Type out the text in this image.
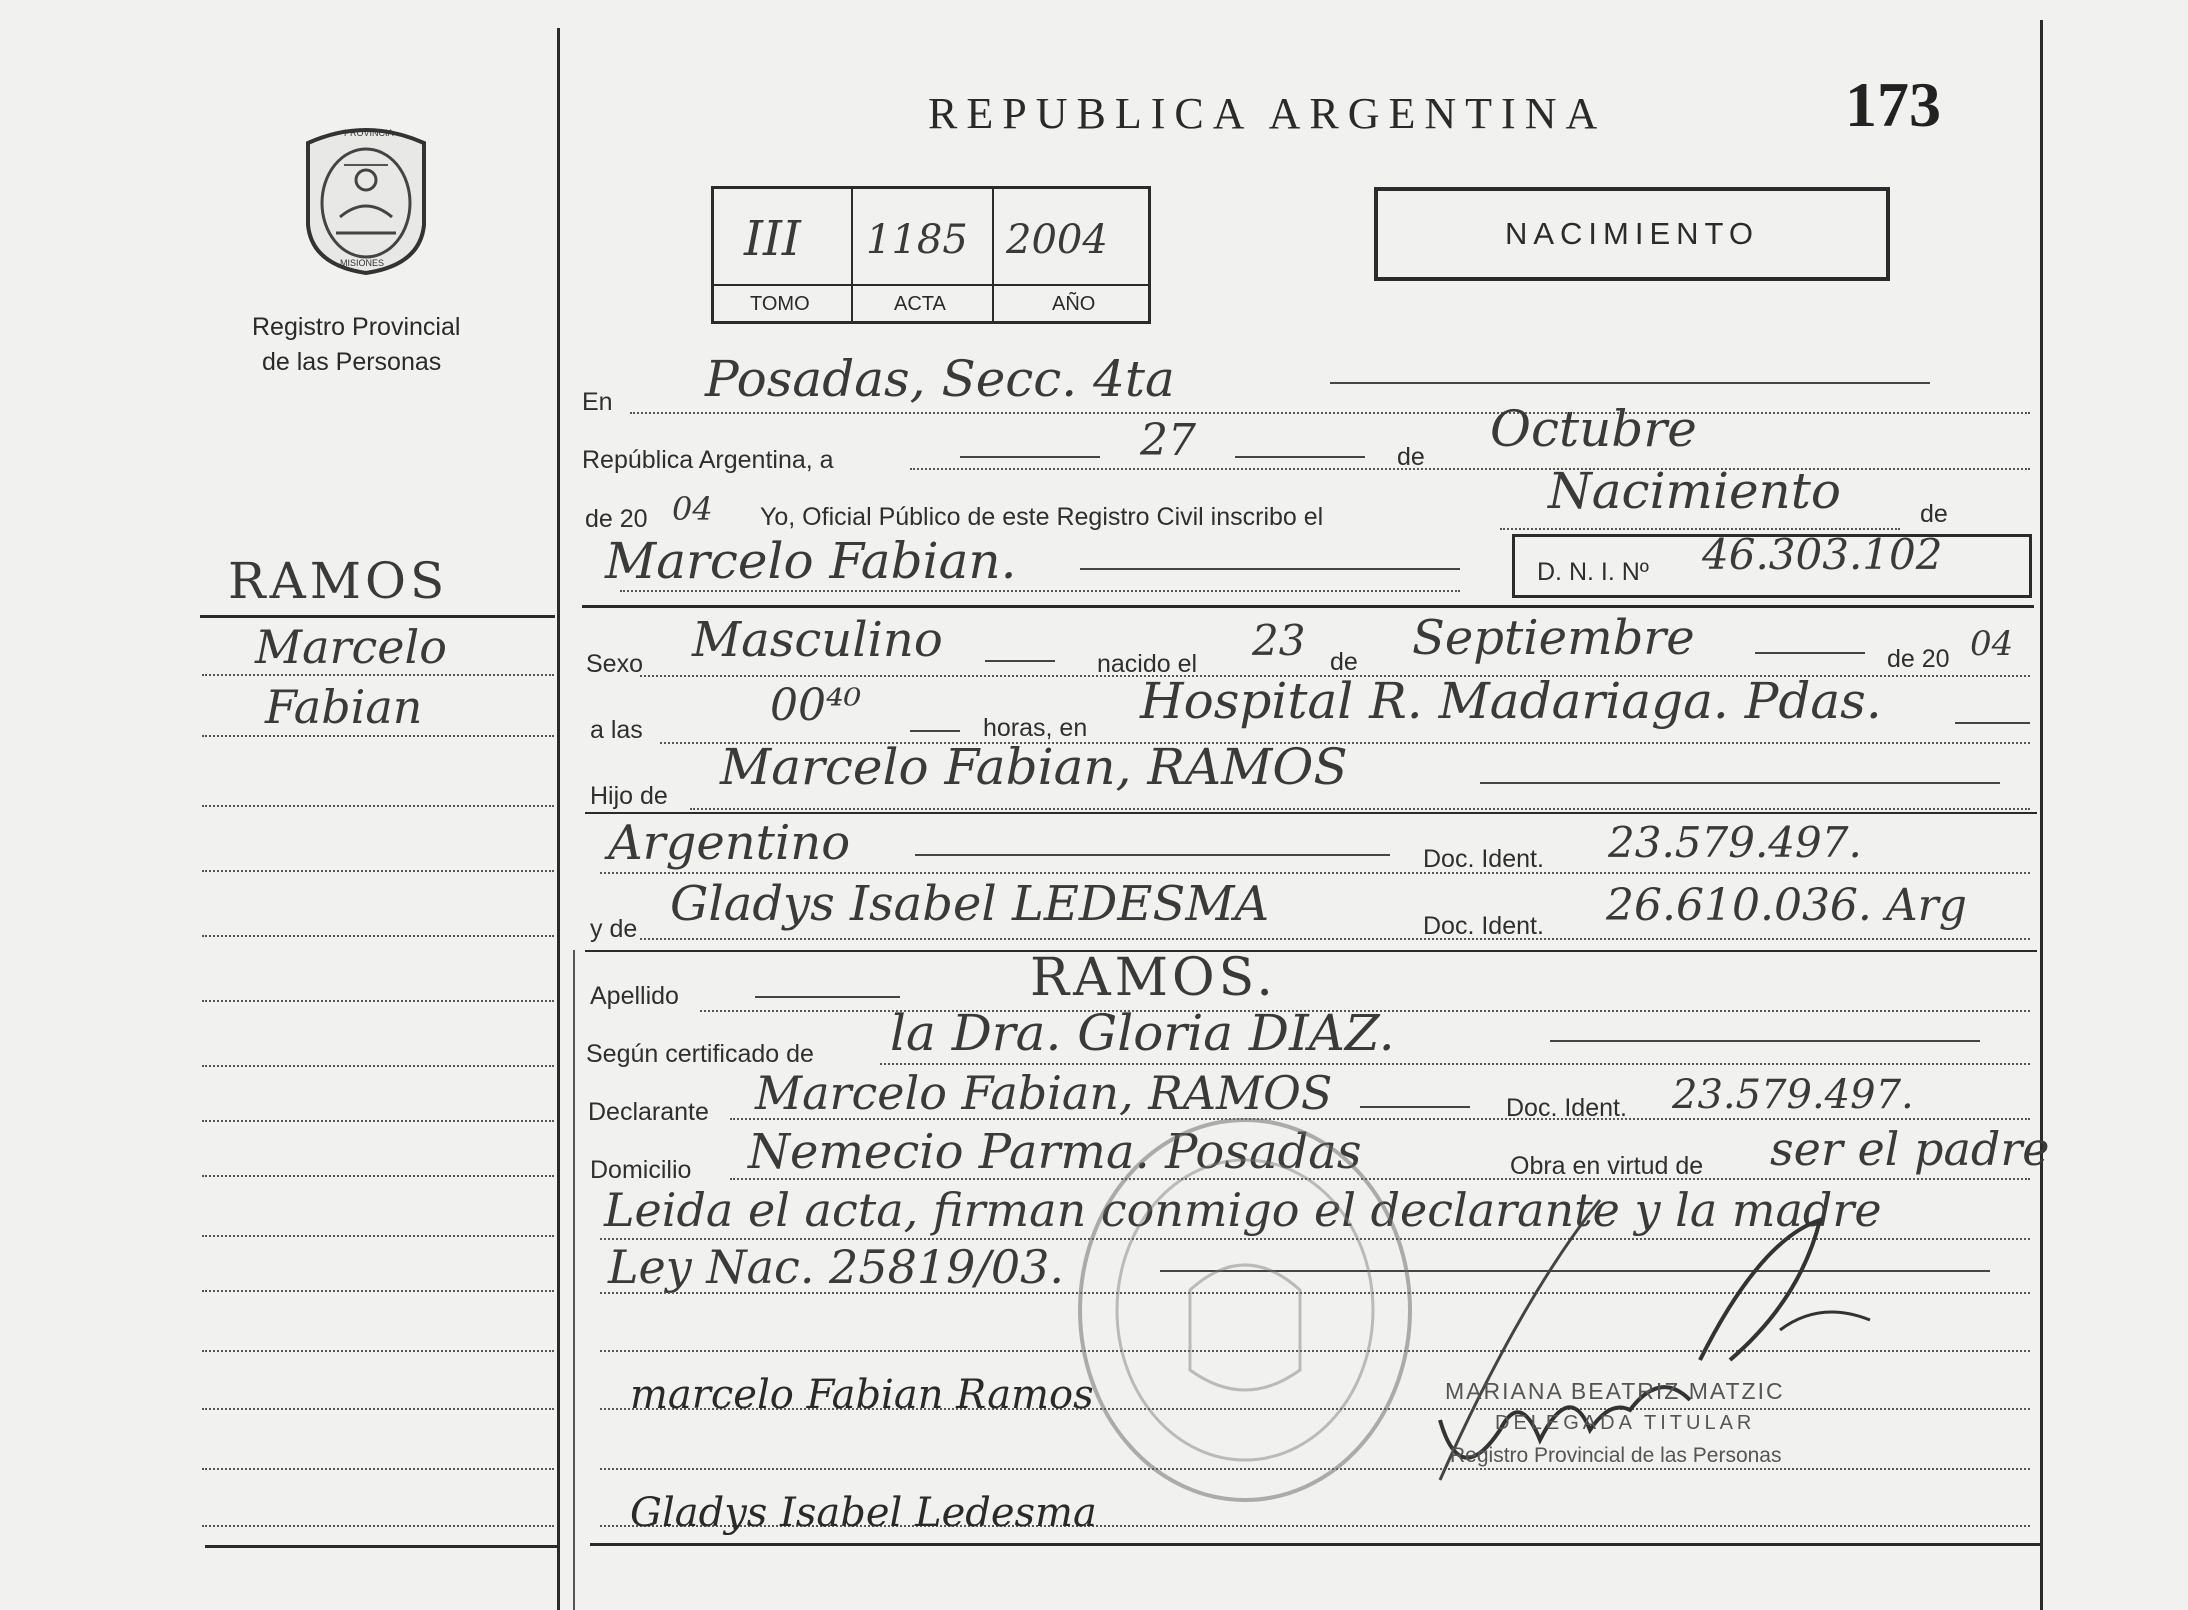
173
REPUBLICA ARGENTINA
NACIMIENTO
PROVINCIA
MISIONES
Registro Provincial
de las Personas
III 1185 2004
TOMO	ACTA	AÑO
RAMOS
Marcelo
Fabian
En Posadas, Secc. 4ta
República Argentina, a	27	de Octubre
de 20 04 Yo, Oficial Público de este Registro Civil inscribo el	Nacimiento	de
Marcelo Fabian.	D. N. I. Nº 46.303.102
Sexo Masculino	nacido el 23 de Septiembre	de 20 04
a las	00⁴⁰	horas, en Hospital R. Madariaga. Pdas.
Hijo de Marcelo Fabian, RAMOS
Argentino	Doc. Ident. 23.579.497.
y de Gladys Isabel LEDESMA	Doc. Ident. 26.610.036. Arg
Apellido	RAMOS.
Según certificado de la Dra. Gloria DIAZ.
Declarante Marcelo Fabian, RAMOS	Doc. Ident. 23.579.497.
Domicilio Nemecio Parma. Posadas	Obra en virtud de ser el padre
Leida el acta, firman conmigo el declarante y la madre
Ley Nac. 25819/03.
marcelo Fabian Ramos
Gladys Isabel Ledesma
MARIANA BEATRIZ MATZIC
DELEGADA TITULAR
Registro Provincial de las Personas
